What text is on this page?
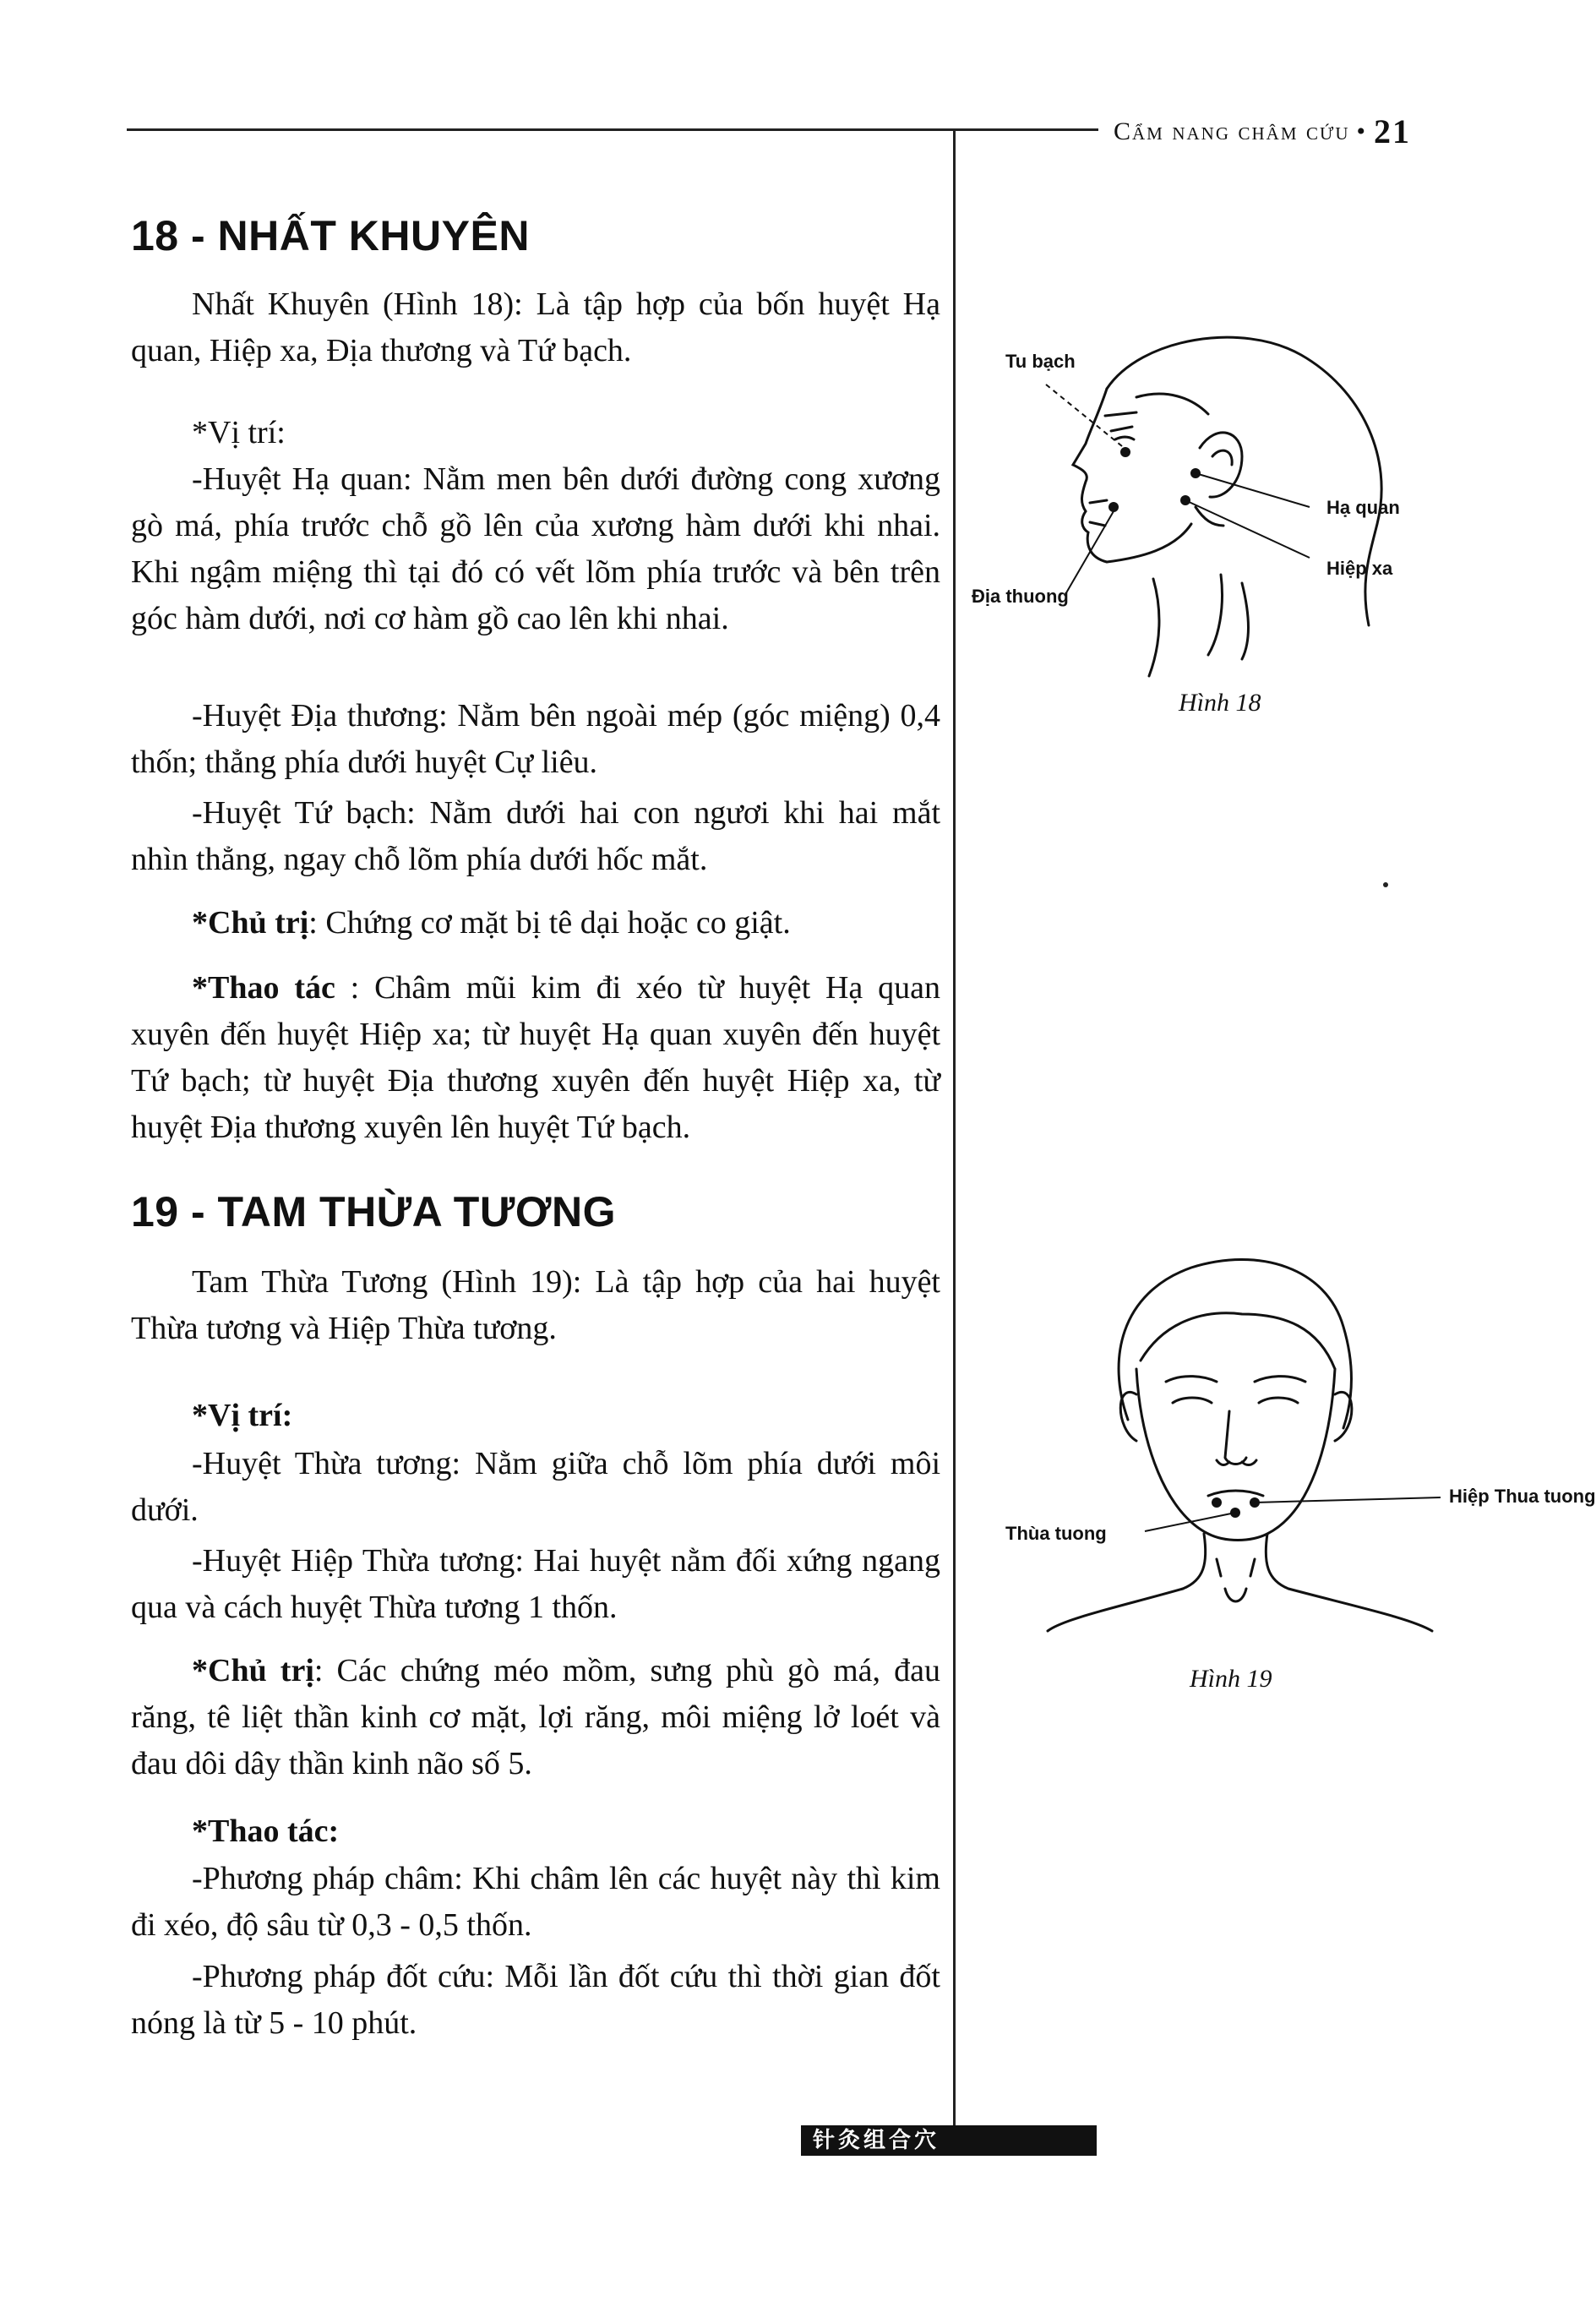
Cẩm nang châm cứu • 21
18 - NHẤT KHUYÊN

Nhất Khuyên (Hình 18): Là tập hợp của bốn huyệt Hạ quan, Hiệp xa, Địa thương và Tứ bạch.

*Vị trí:

-Huyệt Hạ quan: Nằm men bên dưới đường cong xương gò má, phía trước chỗ gồ lên của xương hàm dưới khi nhai. Khi ngậm miệng thì tại đó có vết lõm phía trước và bên trên góc hàm dưới, nơi cơ hàm gồ cao lên khi nhai.

-Huyệt Địa thương: Nằm bên ngoài mép (góc miệng) 0,4 thốn; thẳng phía dưới huyệt Cự liêu.

-Huyệt Tứ bạch: Nằm dưới hai con ngươi khi hai mắt nhìn thẳng, ngay chỗ lõm phía dưới hốc mắt.

*Chủ trị: Chứng cơ mặt bị tê dại hoặc co giật.

*Thao tác : Châm mũi kim đi xéo từ huyệt Hạ quan xuyên đến huyệt Hiệp xa; từ huyệt Hạ quan xuyên đến huyệt Tứ bạch; từ huyệt Địa thương xuyên đến huyệt Hiệp xa, từ huyệt Địa thương xuyên lên huyệt Tứ bạch.

19 - TAM THỪA TƯƠNG

Tam Thừa Tương (Hình 19): Là tập hợp của hai huyệt Thừa tương và Hiệp Thừa tương.

*Vị trí:

-Huyệt Thừa tương: Nằm giữa chỗ lõm phía dưới môi dưới.

-Huyệt Hiệp Thừa tương: Hai huyệt nằm đối xứng ngang qua và cách huyệt Thừa tương 1 thốn.

*Chủ trị: Các chứng méo mồm, sưng phù gò má, đau răng, tê liệt thần kinh cơ mặt, lợi răng, môi miệng lở loét và đau dôi dây thần kinh não số 5.

*Thao tác:

-Phương pháp châm: Khi châm lên các huyệt này thì kim đi xéo, độ sâu từ 0,3 - 0,5 thốn.

-Phương pháp đốt cứu: Mỗi lần đốt cứu thì thời gian đốt nóng là từ 5 - 10 phút.

Tu bạch
Hạ quan
Hiệp xa
Địa thuong
Hình 18
Hiệp Thua tuong
Thùa tuong
Hình 19
针灸组合穴
